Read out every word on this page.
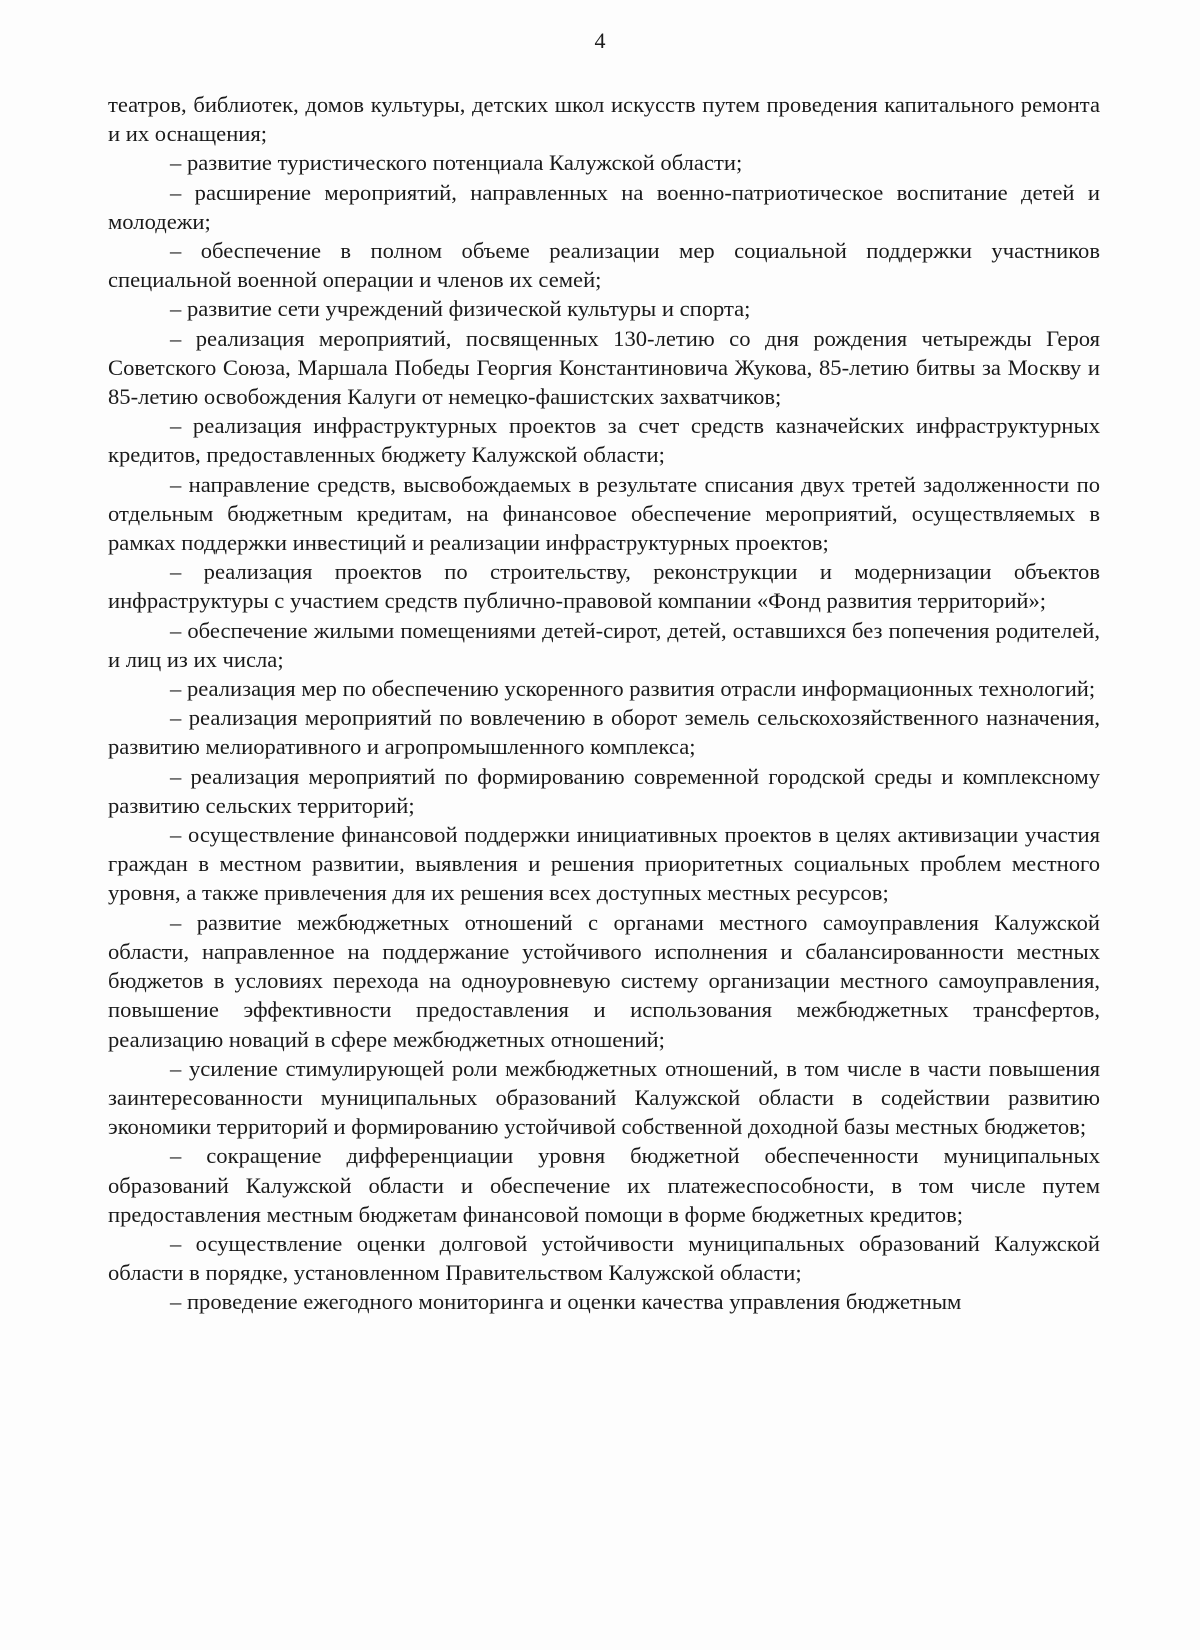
4

театров, библиотек, домов культуры, детских школ искусств путем проведения капитального ремонта и их оснащения;

– развитие туристического потенциала Калужской области;

– расширение мероприятий, направленных на военно-патриотическое воспитание детей и молодежи;

– обеспечение в полном объеме реализации мер социальной поддержки участников специальной военной операции и членов их семей;

– развитие сети учреждений физической культуры и спорта;

– реализация мероприятий, посвященных 130-летию со дня рождения четырежды Героя Советского Союза, Маршала Победы Георгия Константиновича Жукова, 85-летию битвы за Москву и 85-летию освобождения Калуги от немецко-фашистских захватчиков;

– реализация инфраструктурных проектов за счет средств казначейских инфраструктурных кредитов, предоставленных бюджету Калужской области;

– направление средств, высвобождаемых в результате списания двух третей задолженности по отдельным бюджетным кредитам, на финансовое обеспечение мероприятий, осуществляемых в рамках поддержки инвестиций и реализации инфраструктурных проектов;

– реализация проектов по строительству, реконструкции и модернизации объектов инфраструктуры с участием средств публично-правовой компании «Фонд развития территорий»;

– обеспечение жилыми помещениями детей-сирот, детей, оставшихся без попечения родителей, и лиц из их числа;

– реализация мер по обеспечению ускоренного развития отрасли информационных технологий;

– реализация мероприятий по вовлечению в оборот земель сельскохозяйственного назначения, развитию мелиоративного и агропромышленного комплекса;

– реализация мероприятий по формированию современной городской среды и комплексному развитию сельских территорий;

– осуществление финансовой поддержки инициативных проектов в целях активизации участия граждан в местном развитии, выявления и решения приоритетных социальных проблем местного уровня, а также привлечения для их решения всех доступных местных ресурсов;

– развитие межбюджетных отношений с органами местного самоуправления Калужской области, направленное на поддержание устойчивого исполнения и сбалансированности местных бюджетов в условиях перехода на одноуровневую систему организации местного самоуправления, повышение эффективности предоставления и использования межбюджетных трансфертов, реализацию новаций в сфере межбюджетных отношений;

– усиление стимулирующей роли межбюджетных отношений, в том числе в части повышения заинтересованности муниципальных образований Калужской области в содействии развитию экономики территорий и формированию устойчивой собственной доходной базы местных бюджетов;

– сокращение дифференциации уровня бюджетной обеспеченности муниципальных образований Калужской области и обеспечение их платежеспособности, в том числе путем предоставления местным бюджетам финансовой помощи в форме бюджетных кредитов;

– осуществление оценки долговой устойчивости муниципальных образований Калужской области в порядке, установленном Правительством Калужской области;

– проведение ежегодного мониторинга и оценки качества управления бюджетным
